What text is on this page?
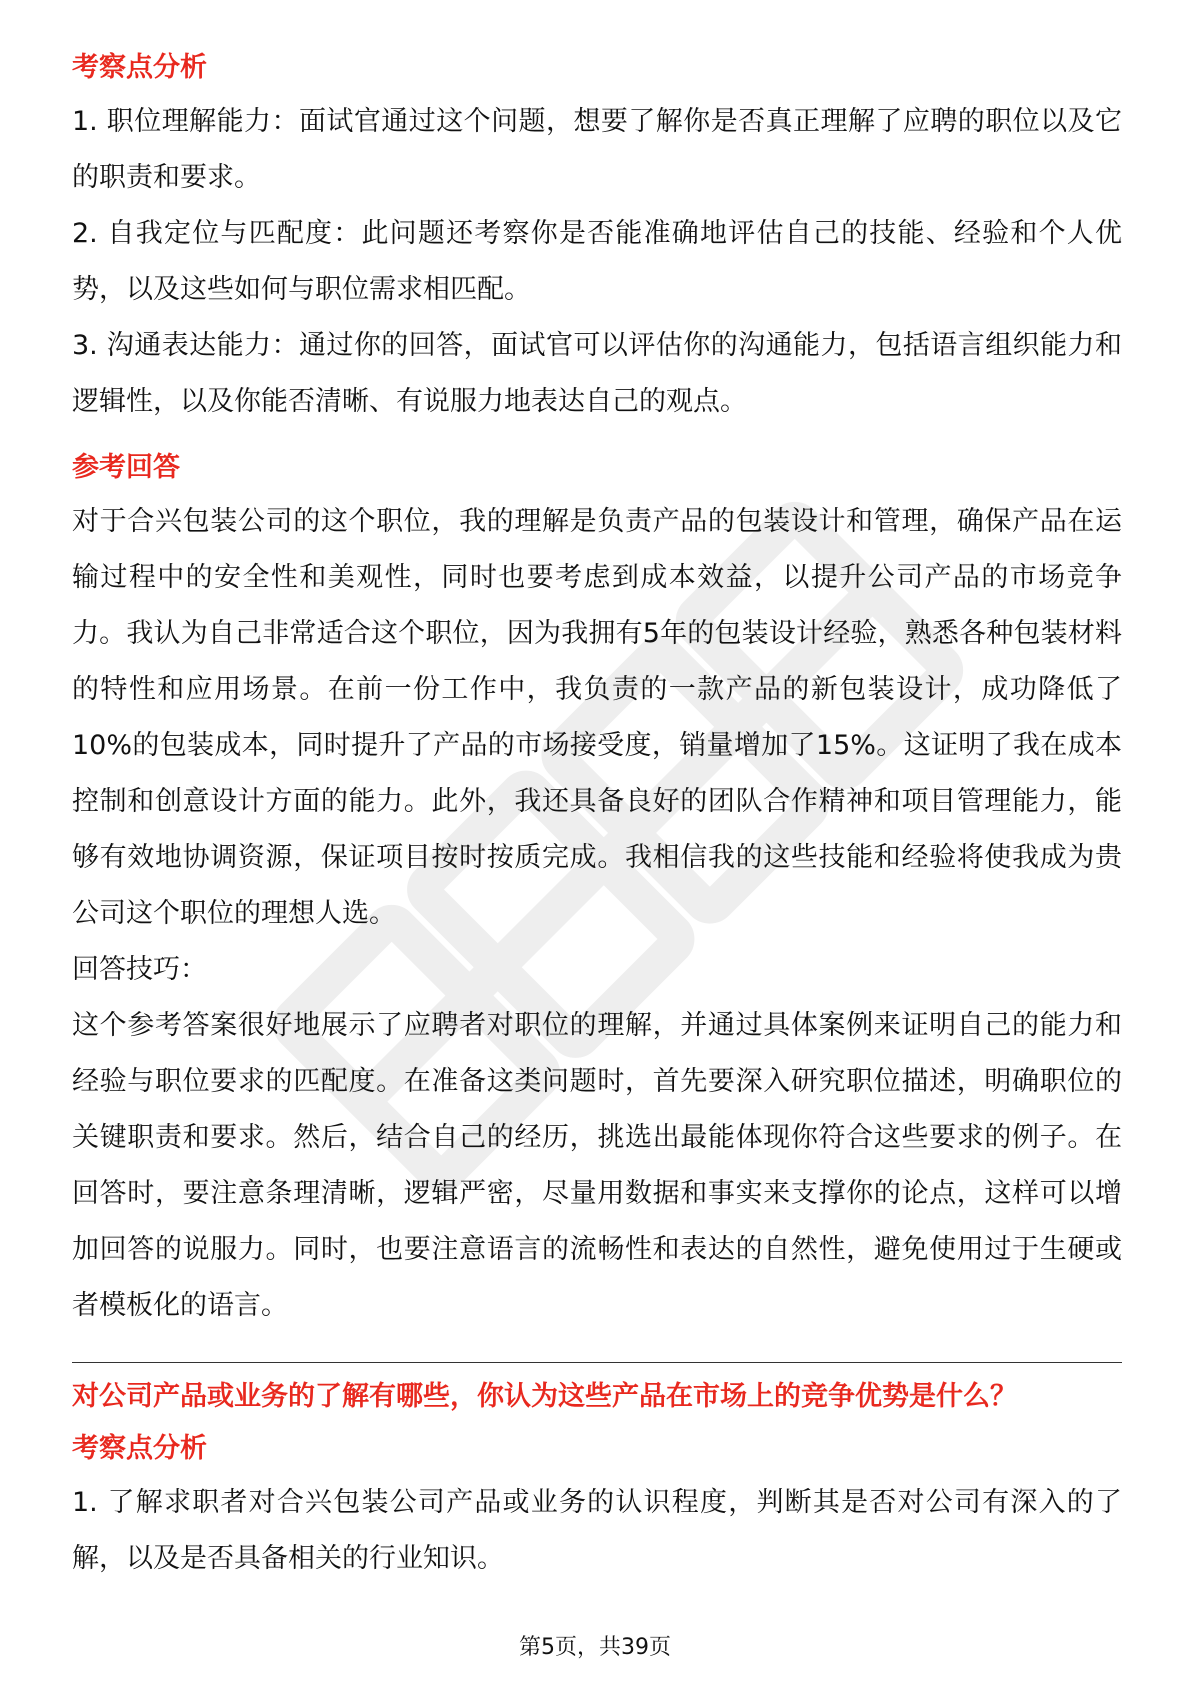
考察点分析

1. 职位理解能力：面试官通过这个问题，想要了解你是否真正理解了应聘的职位以及它的职责和要求。

2. 自我定位与匹配度：此问题还考察你是否能准确地评估自己的技能、经验和个人优势，以及这些如何与职位需求相匹配。

3. 沟通表达能力：通过你的回答，面试官可以评估你的沟通能力，包括语言组织能力和逻辑性，以及你能否清晰、有说服力地表达自己的观点。

参考回答

对于合兴包装公司的这个职位，我的理解是负责产品的包装设计和管理，确保产品在运输过程中的安全性和美观性，同时也要考虑到成本效益，以提升公司产品的市场竞争力。我认为自己非常适合这个职位，因为我拥有5年的包装设计经验，熟悉各种包装材料的特性和应用场景。在前一份工作中，我负责的一款产品的新包装设计，成功降低了10%的包装成本，同时提升了产品的市场接受度，销量增加了15%。这证明了我在成本控制和创意设计方面的能力。此外，我还具备良好的团队合作精神和项目管理能力，能够有效地协调资源，保证项目按时按质完成。我相信我的这些技能和经验将使我成为贵公司这个职位的理想人选。

回答技巧：

这个参考答案很好地展示了应聘者对职位的理解，并通过具体案例来证明自己的能力和经验与职位要求的匹配度。在准备这类问题时，首先要深入研究职位描述，明确职位的关键职责和要求。然后，结合自己的经历，挑选出最能体现你符合这些要求的例子。在回答时，要注意条理清晰，逻辑严密，尽量用数据和事实来支撑你的论点，这样可以增加回答的说服力。同时，也要注意语言的流畅性和表达的自然性，避免使用过于生硬或者模板化的语言。

对公司产品或业务的了解有哪些，你认为这些产品在市场上的竞争优势是什么？
考察点分析

1. 了解求职者对合兴包装公司产品或业务的认识程度，判断其是否对公司有深入的了解，以及是否具备相关的行业知识。

第5页，共39页
